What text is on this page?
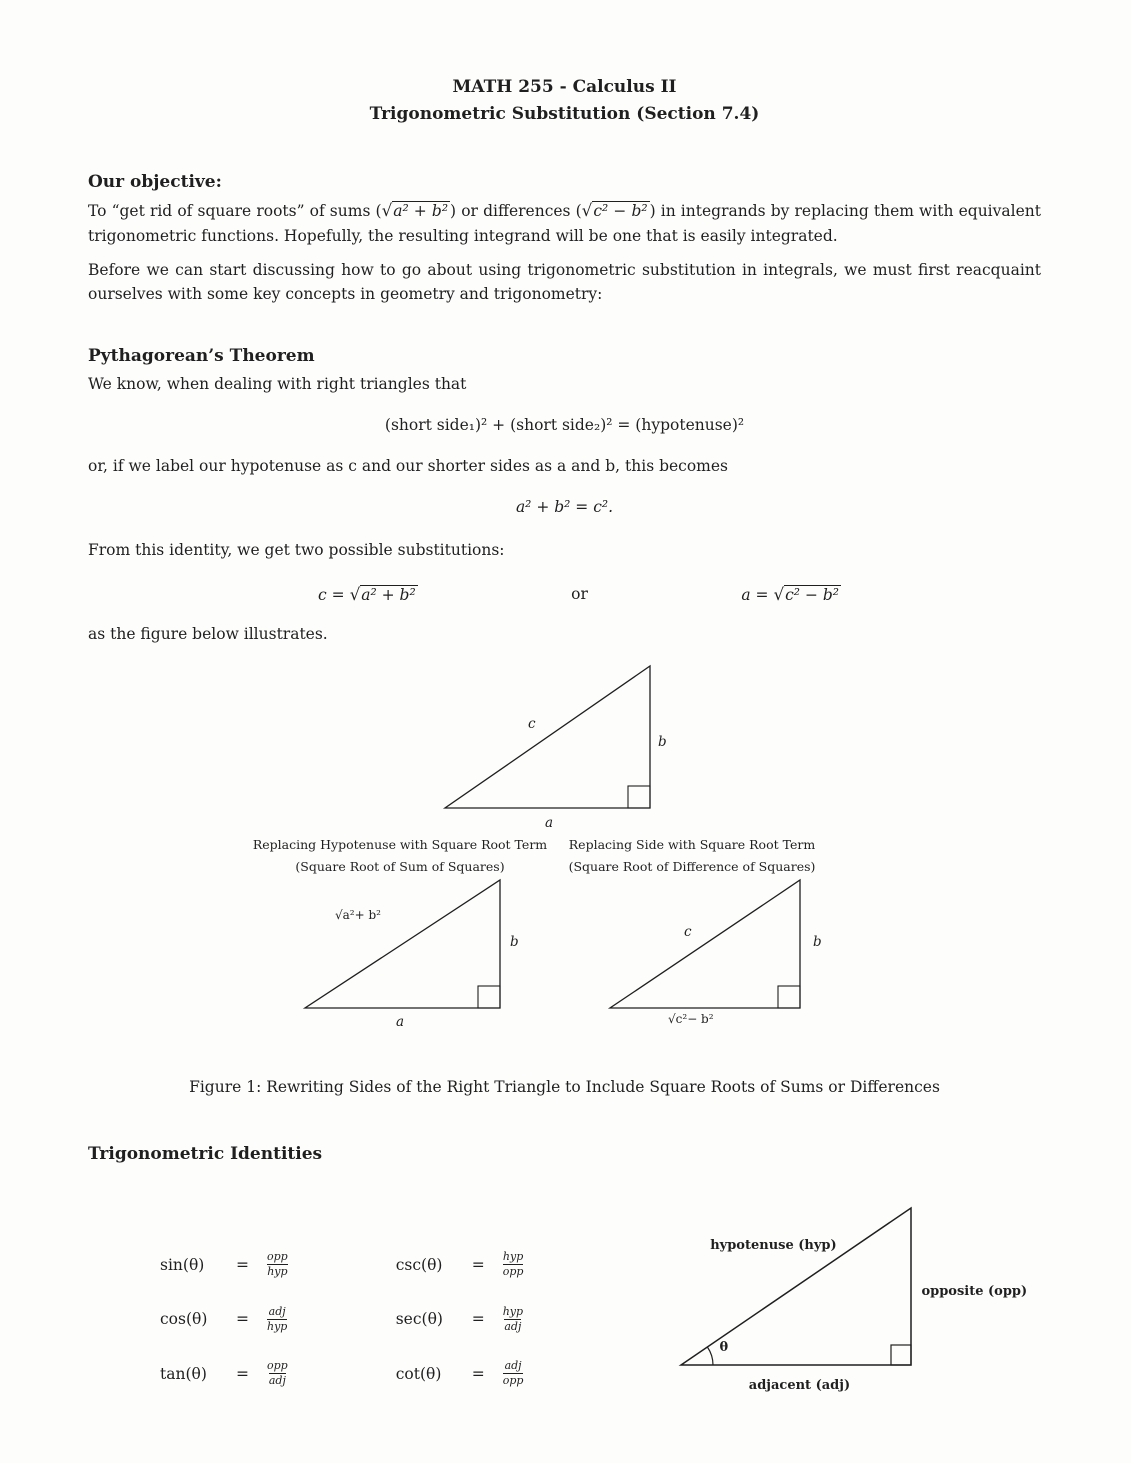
MATH 255 - Calculus II
Trigonometric Substitution (Section 7.4)
Our objective:

To “get rid of square roots” of sums (√a² + b² ) or differences (√c² − b² ) in integrands by replacing them with equivalent trigonometric functions. Hopefully, the resulting integrand will be one that is easily integrated.

Before we can start discussing how to go about using trigonometric substitution in integrals, we must first reacquaint ourselves with some key concepts in geometry and trigonometry:

Pythagorean’s Theorem

We know, when dealing with right triangles that

(short side₁)² + (short side₂)² = (hypotenuse)²

or, if we label our hypotenuse as c and our shorter sides as a and b, this becomes

a² + b² = c².

From this identity, we get two possible substitutions:

c = √a² + b²	or	a = √c² − b²

as the figure below illustrates.

c
b
a
Replacing Hypotenuse with Square Root Term
(Square Root of Sum of Squares)
Replacing Side with Square Root Term
(Square Root of Difference of Squares)
√a²+ b²
b
a
c
b
√c²− b²
Figure 1: Rewriting Sides of the Right Triangle to Include Square Roots of Sums or Differences
Trigonometric Identities
sin(θ)	= $\frac{\text{opp}}{\text{hyp}}$	csc(θ)	= $\frac{\text{hyp}}{\text{opp}}$
cos(θ)	= $\frac{\text{adj}}{\text{hyp}}$	sec(θ)	= $\frac{\text{hyp}}{\text{adj}}$
tan(θ)	= $\frac{\text{opp}}{\text{adj}}$	cot(θ)	= $\frac{\text{adj}}{\text{opp}}$
hypotenuse (hyp)
opposite (opp)
adjacent (adj)
θ
